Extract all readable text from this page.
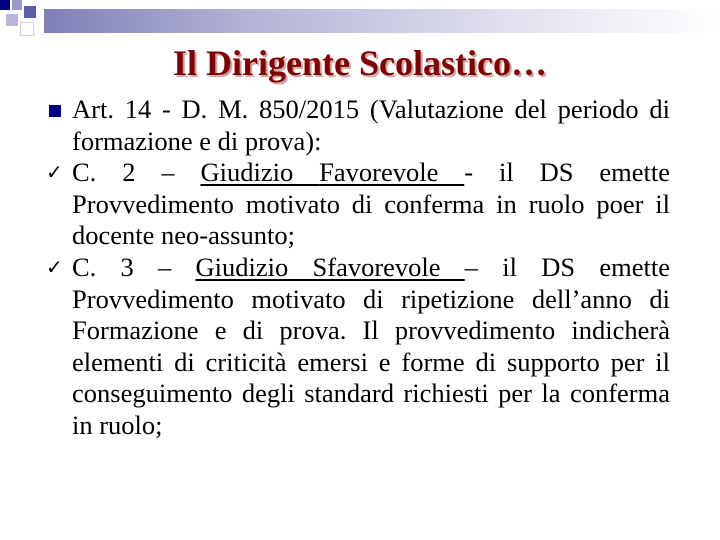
Il Dirigente Scolastico…
Art. 14 - D. M. 850/2015 (Valutazione del periodo di formazione e di prova):
✓ C. 2 – Giudizio Favorevole - il DS emette Provvedimento motivato di conferma in ruolo poer il docente neo-assunto;
✓ C. 3 – Giudizio Sfavorevole – il DS emette Provvedimento motivato di ripetizione dell’anno di Formazione e di prova. Il provvedimento indicherà elementi di criticità emersi e forme di supporto per il conseguimento degli standard richiesti per la conferma in ruolo;
